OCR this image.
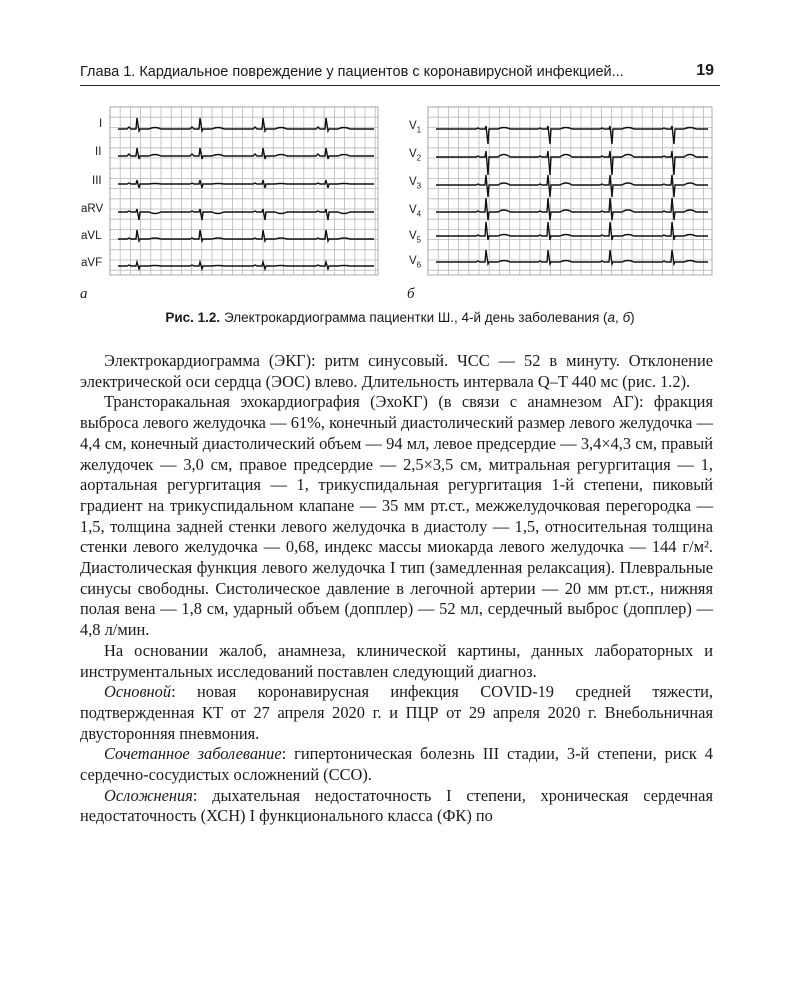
Глава 1. Кардиальное повреждение у пациентов с коронавирусной инфекцией...	19
I
II
III
aRV
aVL
aVF
а
$V_1$
$V_2$
$V_3$
$V_4$
$V_5$
$V_6$
б
Рис. 1.2. Электрокардиограмма пациентки Ш., 4-й день заболевания (а, б)

Электрокардиограмма (ЭКГ): ритм синусовый. ЧСС — 52 в минуту. Отклонение электрической оси сердца (ЭОС) влево. Длительность интервала Q–T 440 мс (рис. 1.2).

Трансторакальная эхокардиография (ЭхоКГ) (в связи с анамнезом АГ): фракция выброса левого желудочка — 61%, конечный диастолический размер левого желудочка — 4,4 см, конечный диастолический объем — 94 мл, левое предсердие — 3,4×4,3 см, правый желудочек — 3,0 см, правое предсердие — 2,5×3,5 см, митральная регургитация — 1, аортальная регургитация — 1, трикуспидальная регургитация 1-й степени, пиковый градиент на трикуспидальном клапане — 35 мм рт.ст., межжелудочковая перегородка — 1,5, толщина задней стенки левого желудочка в диастолу — 1,5, относительная толщина стенки левого желудочка — 0,68, индекс массы миокарда левого желудочка — 144 г/м². Диастолическая функция левого желудочка I тип (замедленная релаксация). Плевральные синусы свободны. Систолическое давление в легочной артерии — 20 мм рт.ст., нижняя полая вена — 1,8 см, ударный объем (допплер) — 52 мл, сердечный выброс (допплер) — 4,8 л/мин.

На основании жалоб, анамнеза, клинической картины, данных лабораторных и инструментальных исследований поставлен следующий диагноз.

Основной: новая коронавирусная инфекция COVID-19 средней тяжести, подтвержденная КТ от 27 апреля 2020 г. и ПЦР от 29 апреля 2020 г. Внебольничная двусторонняя пневмония.

Сочетанное заболевание: гипертоническая болезнь III стадии, 3-й степени, риск 4 сердечно-сосудистых осложнений (ССО).

Осложнения: дыхательная недостаточность I степени, хроническая сердечная недостаточность (ХСН) I функционального класса (ФК) по
